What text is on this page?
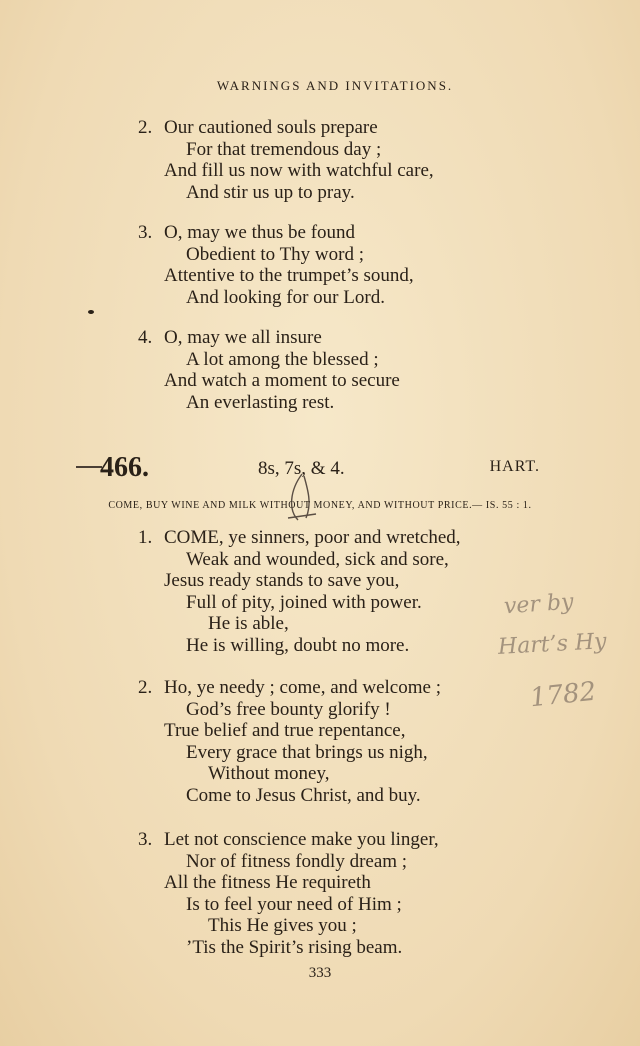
WARNINGS AND INVITATIONS.
2. Our cautioned souls prepare
For that tremendous day ;
And fill us now with watchful care,
And stir us up to pray.
3. O, may we thus be found
Obedient to Thy word ;
Attentive to the trumpet’s sound,
And looking for our Lord.
4. O, may we all insure
A lot among the blessed ;
And watch a moment to secure
An everlasting rest.
466.	8s, 7s, & 4.	HART.
COME, BUY WINE AND MILK WITHOUT MONEY, AND WITHOUT PRICE.— IS. 55 : 1.
1. COME, ye sinners, poor and wretched,
Weak and wounded, sick and sore,
Jesus ready stands to save you,
Full of pity, joined with power.
He is able,
He is willing, doubt no more.
2. Ho, ye needy ; come, and welcome ;
God’s free bounty glorify !
True belief and true repentance,
Every grace that brings us nigh,
Without money,
Come to Jesus Christ, and buy.
3. Let not conscience make you linger,
Nor of fitness fondly dream ;
All the fitness He requireth
Is to feel your need of Him ;
This He gives you ;
’Tis the Spirit’s rising beam.
ver by
Hart’s Hy
1782
333
